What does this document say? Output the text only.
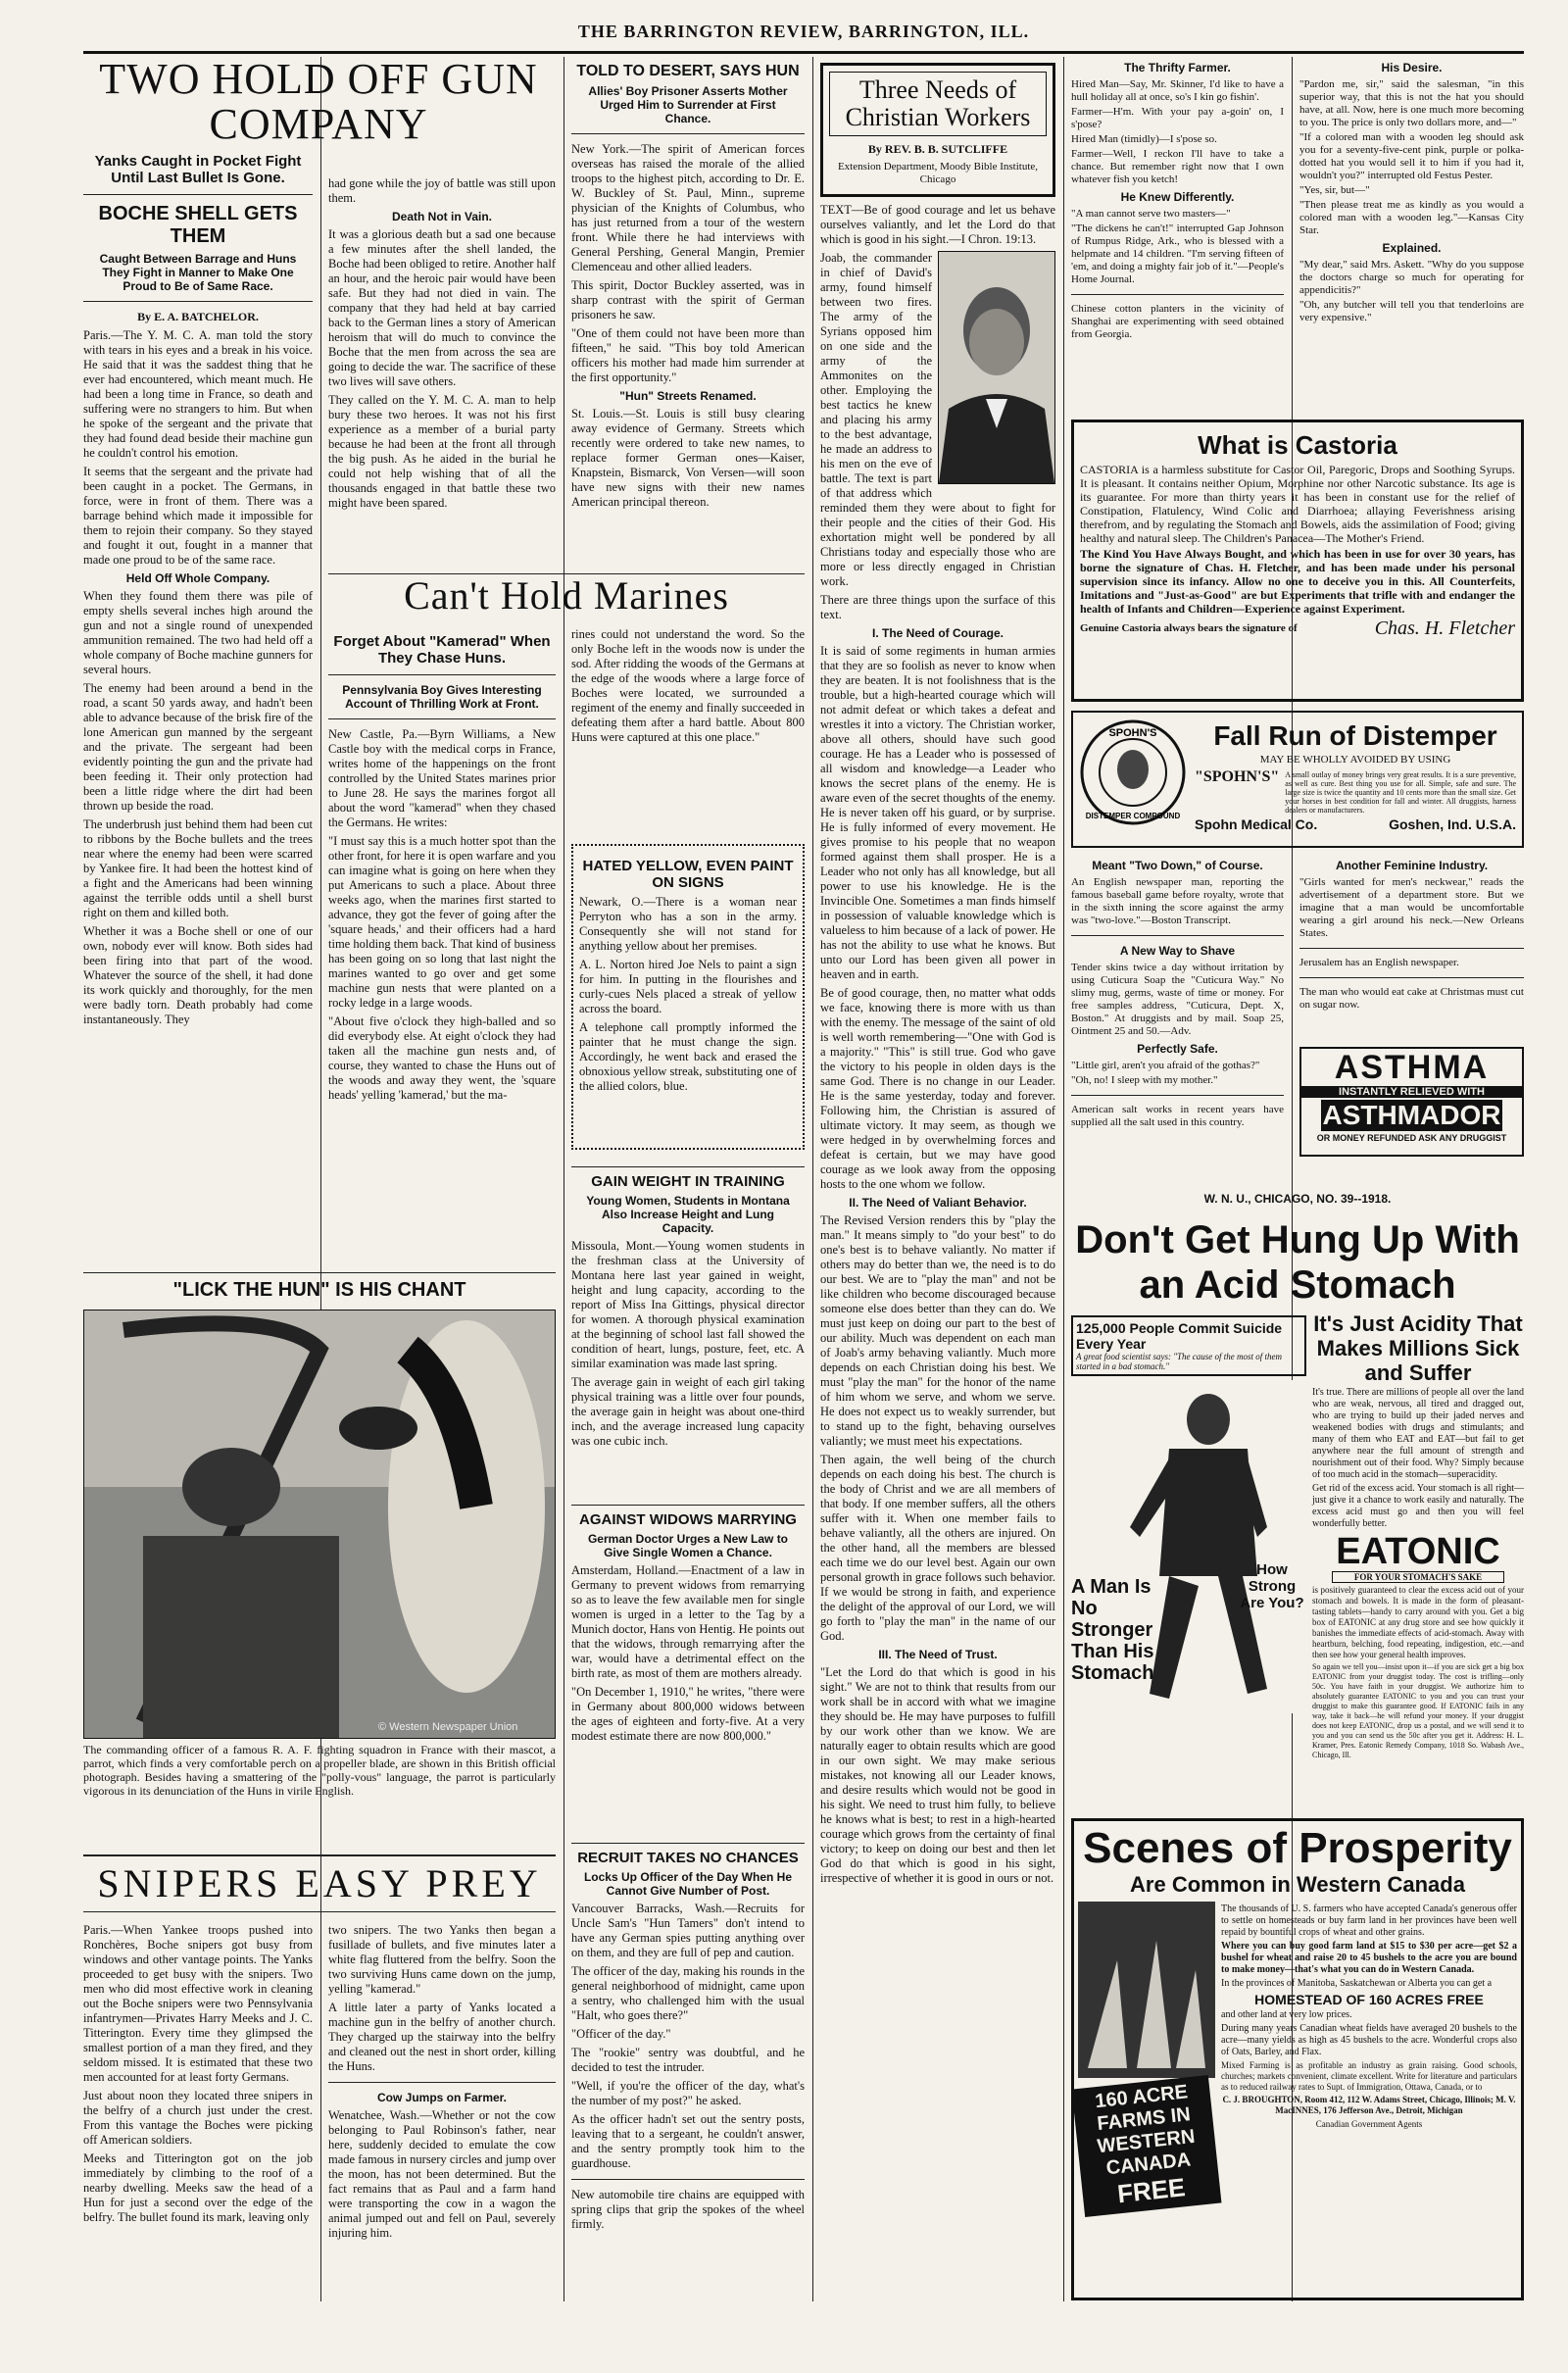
THE BARRINGTON REVIEW, BARRINGTON, ILL.
TWO HOLD OFF GUN COMPANY
Yanks Caught in Pocket Fight Until Last Bullet Is Gone.
BOCHE SHELL GETS THEM
Caught Between Barrage and Huns They Fight in Manner to Make One Proud to Be of Same Race.
By E. A. BATCHELOR.

Paris.—The Y. M. C. A. man told the story with tears in his eyes and a break in his voice. He said that it was the saddest thing that he ever had encountered, which meant much. He had been a long time in France, so death and suffering were no strangers to him. But when he spoke of the sergeant and the private that they had found dead beside their machine gun he couldn't control his emotion.

It seems that the sergeant and the private had been caught in a pocket. The Germans, in force, were in front of them. There was a barrage behind which made it impossible for them to rejoin their company. So they stayed and fought it out, fought in a manner that made one proud to be of the same race.

Held Off Whole Company.

When they found them there was pile of empty shells several inches high around the gun and not a single round of unexpended ammunition remained. The two had held off a whole company of Boche machine gunners for several hours.

The enemy had been around a bend in the road, a scant 50 yards away, and hadn't been able to advance because of the brisk fire of the lone American gun manned by the sergeant and the private. The sergeant had been evidently pointing the gun and the private had been feeding it. Their only protection had been a little ridge where the dirt had been thrown up beside the road.

The underbrush just behind them had been cut to ribbons by the Boche bullets and the trees near where the enemy had been were scarred by Yankee fire. It had been the hottest kind of a fight and the Americans had been winning against the terrible odds until a shell burst right on them and killed both.

Whether it was a Boche shell or one of our own, nobody ever will know. Both sides had been firing into that part of the wood. Whatever the source of the shell, it had done its work quickly and thoroughly, for the men were badly torn. Death probably had come instantaneously. They

had gone while the joy of battle was still upon them.

Death Not in Vain.

It was a glorious death but a sad one because a few minutes after the shell landed, the Boche had been obliged to retire. Another half an hour, and the heroic pair would have been safe. But they had not died in vain. The company that they had held at bay carried back to the German lines a story of American heroism that will do much to convince the Boche that the men from across the sea are going to decide the war. The sacrifice of these two lives will save others.

They called on the Y. M. C. A. man to help bury these two heroes. It was not his first experience as a member of a burial party because he had been at the front all through the big push. As he aided in the burial he could not help wishing that of all the thousands engaged in that battle these two might have been spared.

TOLD TO DESERT, SAYS HUN
Allies' Boy Prisoner Asserts Mother Urged Him to Surrender at First Chance.

New York.—The spirit of American forces overseas has raised the morale of the allied troops to the highest pitch, according to Dr. E. W. Buckley of St. Paul, Minn., supreme physician of the Knights of Columbus, who has just returned from a tour of the western front. While there he had interviews with General Pershing, General Mangin, Premier Clemenceau and other allied leaders.

This spirit, Doctor Buckley asserted, was in sharp contrast with the spirit of German prisoners he saw.

"One of them could not have been more than fifteen," he said. "This boy told American officers his mother had made him surrender at the first opportunity."

"Hun" Streets Renamed.

St. Louis.—St. Louis is still busy clearing away evidence of Germany. Streets which recently were ordered to take new names, to replace former German ones—Kaiser, Knapstein, Bismarck, Von Versen—will soon have new signs with their new names American principal thereon.

Can't Hold Marines
Forget About "Kamerad" When They Chase Huns.
Pennsylvania Boy Gives Interesting Account of Thrilling Work at Front.

New Castle, Pa.—Byrn Williams, a New Castle boy with the medical corps in France, writes home of the happenings on the front controlled by the United States marines prior to June 28. He says the marines forgot all about the word "kamerad" when they chased the Germans. He writes:

"I must say this is a much hotter spot than the other front, for here it is open warfare and you can imagine what is going on here when they put Americans to such a place. About three weeks ago, when the marines first started to advance, they got the fever of going after the 'square heads,' and their officers had a hard time holding them back. That kind of business has been going on so long that last night the marines wanted to go over and get some machine gun nests that were planted on a rocky ledge in a large woods.

"About five o'clock they high-balled and so did everybody else. At eight o'clock they had taken all the machine gun nests and, of course, they wanted to chase the Huns out of the woods and away they went, the 'square heads' yelling 'kamerad,' but the ma-

rines could not understand the word. So the only Boche left in the woods now is under the sod. After ridding the woods of the Germans at the edge of the woods where a large force of Boches were located, we surrounded a regiment of the enemy and finally succeeded in defeating them after a hard battle. About 800 Huns were captured at this one place."

HATED YELLOW, EVEN PAINT ON SIGNS

Newark, O.—There is a woman near Perryton who has a son in the army. Consequently she will not stand for anything yellow about her premises.

A. L. Norton hired Joe Nels to paint a sign for him. In putting in the flourishes and curly-cues Nels placed a streak of yellow across the board.

A telephone call promptly informed the painter that he must change the sign. Accordingly, he went back and erased the obnoxious yellow streak, substituting one of the allied colors, blue.

"LICK THE HUN" IS HIS CHANT
© Western Newspaper Union

The commanding officer of a famous R. A. F. fighting squadron in France with their mascot, a parrot, which finds a very comfortable perch on a propeller blade, are shown in this British official photograph. Besides having a smattering of the "polly-vous" language, the parrot is particularly vigorous in its denunciation of the Huns in virile English.

GAIN WEIGHT IN TRAINING
Young Women, Students in Montana Also Increase Height and Lung Capacity.

Missoula, Mont.—Young women students in the freshman class at the University of Montana here last year gained in weight, height and lung capacity, according to the report of Miss Ina Gittings, physical director for women. A thorough physical examination at the beginning of school last fall showed the condition of heart, lungs, posture, feet, etc. A similar examination was made last spring.

The average gain in weight of each girl taking physical training was a little over four pounds, the average gain in height was about one-third inch, and the average increased lung capacity was one cubic inch.

AGAINST WIDOWS MARRYING
German Doctor Urges a New Law to Give Single Women a Chance.

Amsterdam, Holland.—Enactment of a law in Germany to prevent widows from remarrying so as to leave the few available men for single women is urged in a letter to the Tag by a Munich doctor, Hans von Hentig. He points out that the widows, through remarrying after the war, would have a detrimental effect on the birth rate, as most of them are mothers already.

"On December 1, 1910," he writes, "there were in Germany about 800,000 widows between the ages of eighteen and forty-five. At a very modest estimate there are now 800,000."

SNIPERS EASY PREY

Paris.—When Yankee troops pushed into Ronchères, Boche snipers got busy from windows and other vantage points. The Yanks proceeded to get busy with the snipers. Two men who did most effective work in cleaning out the Boche snipers were two Pennsylvania infantrymen—Privates Harry Meeks and J. C. Titterington. Every time they glimpsed the smallest portion of a man they fired, and they seldom missed. It is estimated that these two men accounted for at least forty Germans.

Just about noon they located three snipers in the belfry of a church just under the crest. From this vantage the Boches were picking off American soldiers.

Meeks and Titterington got on the job immediately by climbing to the roof of a nearby dwelling. Meeks saw the head of a Hun for just a second over the edge of the belfry. The bullet found its mark, leaving only

two snipers. The two Yanks then began a fusillade of bullets, and five minutes later a white flag fluttered from the belfry. Soon the two surviving Huns came down on the jump, yelling "kamerad."

A little later a party of Yanks located a machine gun in the belfry of another church. They charged up the stairway into the belfry and cleaned out the nest in short order, killing the Huns.

Cow Jumps on Farmer.

Wenatchee, Wash.—Whether or not the cow belonging to Paul Robinson's father, near here, suddenly decided to emulate the cow made famous in nursery circles and jump over the moon, has not been determined. But the fact remains that as Paul and a farm hand were transporting the cow in a wagon the animal jumped out and fell on Paul, severely injuring him.

RECRUIT TAKES NO CHANCES
Locks Up Officer of the Day When He Cannot Give Number of Post.

Vancouver Barracks, Wash.—Recruits for Uncle Sam's "Hun Tamers" don't intend to have any German spies putting anything over on them, and they are full of pep and caution.

The officer of the day, making his rounds in the general neighborhood of midnight, came upon a sentry, who challenged him with the usual "Halt, who goes there?"

"Officer of the day."

The "rookie" sentry was doubtful, and he decided to test the intruder.

"Well, if you're the officer of the day, what's the number of my post?" he asked.

As the officer hadn't set out the sentry posts, leaving that to a sergeant, he couldn't answer, and the sentry promptly took him to the guardhouse.

New automobile tire chains are equipped with spring clips that grip the spokes of the wheel firmly.

Three Needs of Christian Workers
By REV. B. B. SUTCLIFFE
Extension Department, Moody Bible Institute, Chicago

TEXT—Be of good courage and let us behave ourselves valiantly, and let the Lord do that which is good in his sight.—I Chron. 19:13.

Joab, the commander in chief of David's army, found himself between two fires. The army of the Syrians opposed him on one side and the army of the Ammonites on the other. Employing the best tactics he knew and placing his army to the best advantage, he made an address to his men on the eve of battle. The text is part of that address which reminded them they were about to fight for their people and the cities of their God. His exhortation might well be pondered by all Christians today and especially those who are more or less directly engaged in Christian work.

There are three things upon the surface of this text.

I. The Need of Courage.

It is said of some regiments in human armies that they are so foolish as never to know when they are beaten. It is not foolishness that is the trouble, but a high-hearted courage which will not admit defeat or which takes a defeat and wrestles it into a victory. The Christian worker, above all others, should have such good courage. He has a Leader who is possessed of all wisdom and knowledge—a Leader who knows the secret plans of the enemy. He is aware even of the secret thoughts of the enemy. He is never taken off his guard, or by surprise. He is fully informed of every movement. He gives promise to his people that no weapon formed against them shall prosper. He is a Leader who not only has all knowledge, but all power to use his knowledge. He is the Invincible One. Sometimes a man finds himself in possession of valuable knowledge which is valueless to him because of a lack of power. He has not the ability to use what he knows. But unto our Lord has been given all power in heaven and in earth.

Be of good courage, then, no matter what odds we face, knowing there is more with us than with the enemy. The message of the saint of old is well worth remembering—"One with God is a majority." "This" is still true. God who gave the victory to his people in olden days is the same God. There is no change in our Leader. He is the same yesterday, today and forever. Following him, the Christian is assured of ultimate victory. It may seem, as though we were hedged in by overwhelming forces and defeat is certain, but we may have good courage as we look away from the opposing hosts to the one whom we follow.

II. The Need of Valiant Behavior.

The Revised Version renders this by "play the man." It means simply to "do your best" to do one's best is to behave valiantly. No matter if others may do better than we, the need is to do our best. We are to "play the man" and not be like children who become discouraged because someone else does better than they can do. We must just keep on doing our part to the best of our ability. Much was dependent on each man of Joab's army behaving valiantly. Much more depends on each Christian doing his best. We must "play the man" for the honor of the name of him whom we serve, and whom we serve. He does not expect us to weakly surrender, but to stand up to the fight, behaving ourselves valiantly; we must meet his expectations.

Then again, the well being of the church depends on each doing his best. The church is the body of Christ and we are all members of that body. If one member suffers, all the others suffer with it. When one member fails to behave valiantly, all the others are injured. On the other hand, all the members are blessed each time we do our level best. Again our own personal growth in grace follows such behavior. If we would be strong in faith, and experience the delight of the approval of our Lord, we will go forth to "play the man" in the name of our God.

III. The Need of Trust.

"Let the Lord do that which is good in his sight." We are not to think that results from our work shall be in accord with what we imagine they should be. He may have purposes to fulfill by our work other than we know. We are naturally eager to obtain results which are good in our own sight. We may make serious mistakes, not knowing all our Leader knows, and desire results which would not be good in his sight. We need to trust him fully, to believe he knows what is best; to rest in a high-hearted courage which grows from the certainty of final victory; to keep on doing our best and then let God do that which is good in his sight, irrespective of whether it is good in ours or not.

The Thrifty Farmer.

Hired Man—Say, Mr. Skinner, I'd like to have a hull holiday all at once, so's I kin go fishin'.

Farmer—H'm. With your pay a-goin' on, I s'pose?

Hired Man (timidly)—I s'pose so.

Farmer—Well, I reckon I'll have to take a chance. But remember right now that I own whatever fish you ketch!

He Knew Differently.

"A man cannot serve two masters—"

"The dickens he can't!" interrupted Gap Johnson of Rumpus Ridge, Ark., who is blessed with a helpmate and 14 children. "I'm serving fifteen of 'em, and doing a mighty fair job of it."—People's Home Journal.

Chinese cotton planters in the vicinity of Shanghai are experimenting with seed obtained from Georgia.

His Desire.

"Pardon me, sir," said the salesman, "in this superior way, that this is not the hat you should have, at all. Now, here is one much more becoming to you. The price is only two dollars more, and—"

"If a colored man with a wooden leg should ask you for a seventy-five-cent pink, purple or polka-dotted hat you would sell it to him if you had it, wouldn't you?" interrupted old Festus Pester.

"Yes, sir, but—"

"Then please treat me as kindly as you would a colored man with a wooden leg."—Kansas City Star.

Explained.

"My dear," said Mrs. Askett. "Why do you suppose the doctors charge so much for operating for appendicitis?"

"Oh, any butcher will tell you that tenderloins are very expensive."

What is Castoria

CASTORIA is a harmless substitute for Castor Oil, Paregoric, Drops and Soothing Syrups. It is pleasant. It contains neither Opium, Morphine nor other Narcotic substance. Its age is its guarantee. For more than thirty years it has been in constant use for the relief of Constipation, Flatulency, Wind Colic and Diarrhoea; allaying Feverishness arising therefrom, and by regulating the Stomach and Bowels, aids the assimilation of Food; giving healthy and natural sleep. The Children's Panacea—The Mother's Friend.

The Kind You Have Always Bought, and which has been in use for over 30 years, has borne the signature of Chas. H. Fletcher, and has been made under his personal supervision since its infancy. Allow no one to deceive you in this. All Counterfeits, Imitations and "Just-as-Good" are but Experiments that trifle with and endanger the health of Infants and Children—Experience against Experiment.

Genuine Castoria always bears the signature of	Chas. H. Fletcher
SPOHN'S
DISTEMPER COMPOUND
Fall Run of Distemper
MAY BE WHOLLY AVOIDED BY USING
"SPOHN'S" A small outlay of money brings very great results. It is a sure preventive, as well as cure. Best thing you use for all. Simple, safe and sure. The large size is twice the quantity and 10 cents more than the small size. Get your horses in best condition for fall and winter. All druggists, harness dealers or manufacturers.
Spohn Medical Co.	Goshen, Ind. U.S.A.
Meant "Two Down," of Course.

An English newspaper man, reporting the famous baseball game before royalty, wrote that in the sixth inning the score against the army was "two-love."—Boston Transcript.

A New Way to Shave

Tender skins twice a day without irritation by using Cuticura Soap the "Cuticura Way." No slimy mug, germs, waste of time or money. For free samples address, "Cuticura, Dept. X, Boston." At druggists and by mail. Soap 25, Ointment 25 and 50.—Adv.

Perfectly Safe.

"Little girl, aren't you afraid of the gothas?"

"Oh, no! I sleep with my mother."

American salt works in recent years have supplied all the salt used in this country.

Another Feminine Industry.

"Girls wanted for men's neckwear," reads the advertisement of a department store. But we imagine that a man would be uncomfortable wearing a girl around his neck.—New Orleans States.

Jerusalem has an English newspaper.

The man who would eat cake at Christmas must cut on sugar now.

ASTHMA
INSTANTLY RELIEVED WITH
ASTHMADOR
OR MONEY REFUNDED ASK ANY DRUGGIST
W. N. U., CHICAGO, NO. 39--1918.
Don't Get Hung Up With an Acid Stomach
125,000 People Commit Suicide Every Year
A great food scientist says: "The cause of the most of them started in a bad stomach."
It's Just Acidity That Makes Millions Sick and Suffer

It's true. There are millions of people all over the land who are weak, nervous, all tired and dragged out, who are trying to build up their jaded nerves and weakened bodies with drugs and stimulants; and many of them who EAT and EAT—but fail to get anywhere near the full amount of strength and nourishment out of their food. Why? Simply because of too much acid in the stomach—superacidity.

Get rid of the excess acid. Your stomach is all right—just give it a chance to work easily and naturally. The excess acid must go and then you will feel wonderfully better.

EATONIC
FOR YOUR STOMACH'S SAKE

is positively guaranteed to clear the excess acid out of your stomach and bowels. It is made in the form of pleasant-tasting tablets—handy to carry around with you. Get a big box of EATONIC at any drug store and see how quickly it banishes the immediate effects of acid-stomach. Away with heartburn, belching, food repeating, indigestion, etc.—and then see how your general health improves.

So again we tell you—insist upon it—if you are sick get a big box EATONIC from your druggist today. The cost is trifling—only 50c. You have faith in your druggist. We authorize him to absolutely guarantee EATONIC to you and you can trust your druggist to make this guarantee good. If EATONIC fails in any way, take it back—he will refund your money. If your druggist does not keep EATONIC, drop us a postal, and we will send it to you and you can send us the 50c after you get it. Address: H. L. Kramer, Pres. Eatonic Remedy Company, 1018 So. Wabash Ave., Chicago, Ill.

A Man Is No Stronger Than His Stomach
How Strong Are You?
Scenes of Prosperity
Are Common in Western Canada
160 ACRE
FARMS IN
WESTERN
CANADA
FREE

The thousands of U. S. farmers who have accepted Canada's generous offer to settle on homesteads or buy farm land in her provinces have been well repaid by bountiful crops of wheat and other grains.

Where you can buy good farm land at $15 to $30 per acre—get $2 a bushel for wheat and raise 20 to 45 bushels to the acre you are bound to make money—that's what you can do in Western Canada.

In the provinces of Manitoba, Saskatchewan or Alberta you can get a

HOMESTEAD OF 160 ACRES FREE

and other land at very low prices.

During many years Canadian wheat fields have averaged 20 bushels to the acre—many yields as high as 45 bushels to the acre. Wonderful crops also of Oats, Barley, and Flax.

Mixed Farming is as profitable an industry as grain raising. Good schools, churches; markets convenient, climate excellent. Write for literature and particulars as to reduced railway rates to Supt. of Immigration, Ottawa, Canada, or to

C. J. BROUGHTON, Room 412, 112 W. Adams Street, Chicago, Illinois; M. V. MacINNES, 176 Jefferson Ave., Detroit, Michigan

Canadian Government Agents
